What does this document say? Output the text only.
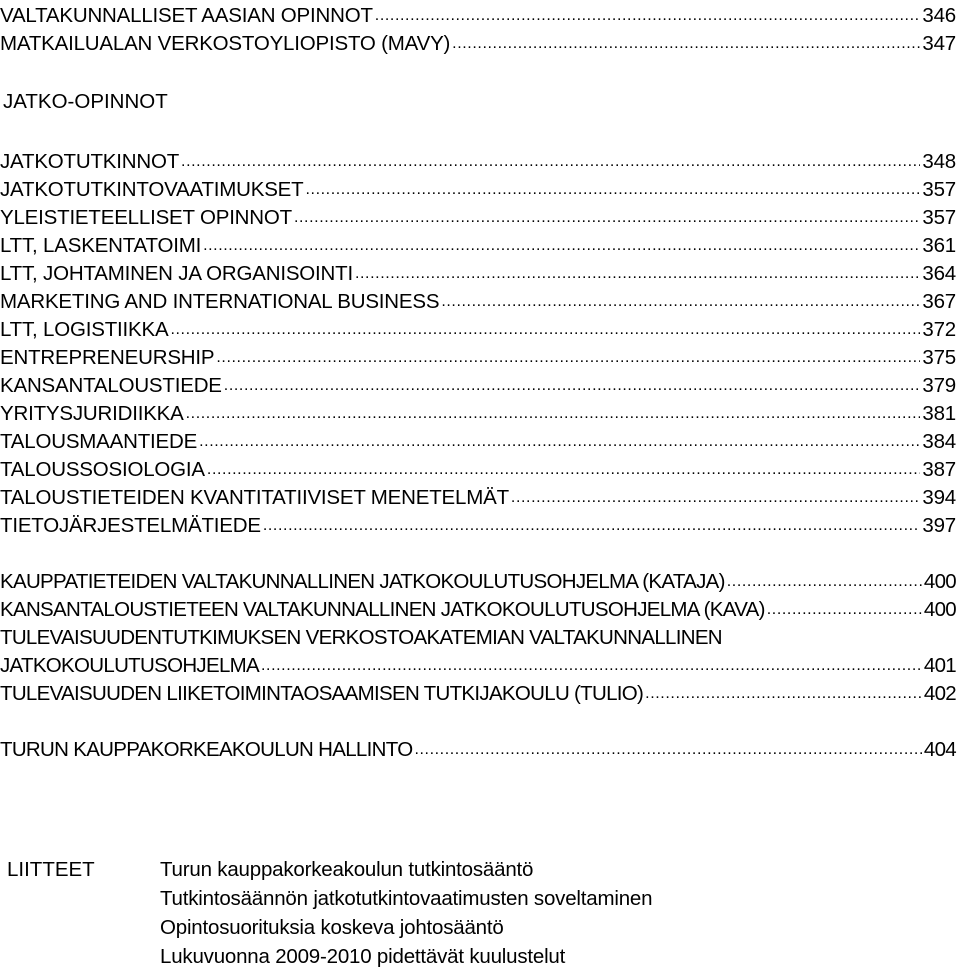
VALTAKUNNALLISET AASIAN OPINNOT .....	346
MATKAILUALAN VERKOSTOYLIOPISTO (MAVY) .....	347
JATKO-OPINNOT
JATKOTUTKINNOT .....	348
JATKOTUTKINTOVAATIMUKSET .....	357
YLEISTIETEELLISET OPINNOT .....	357
LTT, LASKENTATOIMI .....	361
LTT, JOHTAMINEN JA ORGANISOINTI .....	364
MARKETING AND INTERNATIONAL BUSINESS .....	367
LTT, LOGISTIIKKA .....	372
ENTREPRENEURSHIP .....	375
KANSANTALOUSTIEDE .....	379
YRITYSJURIDIIKKA .....	381
TALOUSMAANTIEDE .....	384
TALOUSSOSIOLOGIA .....	387
TALOUSTIETEIDEN KVANTITATIIVISET MENETELMÄT .....	394
TIETOJÄRJESTELMÄTIEDE .....	397
KAUPPATIETEIDEN VALTAKUNNALLINEN JATKOKOULUTUSOHJELMA (KATAJA) .....	400
KANSANTALOUSTIETEEN VALTAKUNNALLINEN JATKOKOULUTUSOHJELMA (KAVA) .....	400
TULEVAISUUDENTUTKIMUKSEN VERKOSTOAKATEMIAN VALTAKUNNALLINEN
JATKOKOULUTUSOHJELMA .....	401
TULEVAISUUDEN LIIKETOIMINTAOSAAMISEN TUTKIJAKOULU (TULIO) .....	402
TURUN KAUPPAKORKEAKOULUN HALLINTO .....	404
LIITTEET	Turun kauppakorkeakoulun tutkintosääntö
Tutkintosäännön jatkotutkintovaatimusten soveltaminen
Opintosuorituksia koskeva johtosääntö
Lukuvuonna 2009-2010 pidettävät kuulustelut
